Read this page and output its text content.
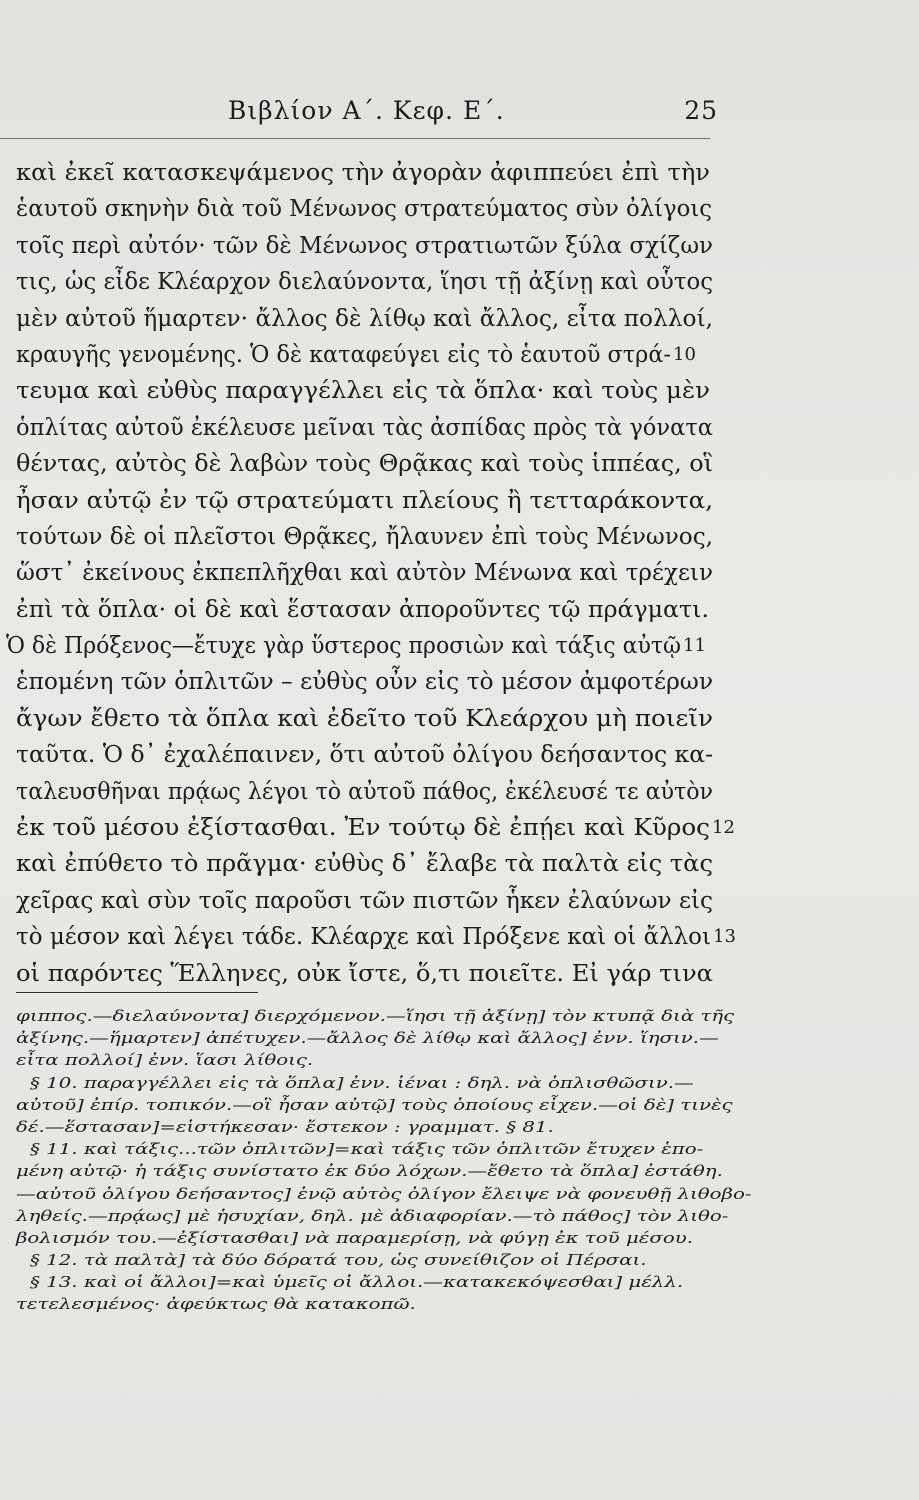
Βιβλίον Α΄. Κεφ. Ε΄.	25
καὶ ἐκεῖ κατασκεψάμενος τὴν ἀγορὰν ἀφιππεύει ἐπὶ τὴν
ἑαυτοῦ σκηνὴν διὰ τοῦ Μένωνος στρατεύματος σὺν ὀλίγοις
τοῖς περὶ αὐτόν· τῶν δὲ Μένωνος στρατιωτῶν ξύλα σχίζων
τις, ὡς εἶδε Κλέαρχον διελαύνοντα, ἵησι τῇ ἀξίνῃ καὶ οὗτος
μὲν αὐτοῦ ἥμαρτεν· ἄλλος δὲ λίθῳ καὶ ἄλλος, εἶτα πολλοί,
κραυγῆς γενομένης. Ὁ δὲ καταφεύγει εἰς τὸ ἑαυτοῦ στρά- 10
τευμα καὶ εὐθὺς παραγγέλλει εἰς τὰ ὅπλα· καὶ τοὺς μὲν
ὁπλίτας αὐτοῦ ἐκέλευσε μεῖναι τὰς ἀσπίδας πρὸς τὰ γόνατα
θέντας, αὐτὸς δὲ λαβὼν τοὺς Θρᾷκας καὶ τοὺς ἱππέας, οἳ
ἦσαν αὐτῷ ἐν τῷ στρατεύματι πλείους ἢ τετταράκοντα,
τούτων δὲ οἱ πλεῖστοι Θρᾷκες, ἤλαυνεν ἐπὶ τοὺς Μένωνος,
ὥστ᾽ ἐκείνους ἐκπεπλῆχθαι καὶ αὐτὸν Μένωνα καὶ τρέχειν
ἐπὶ τὰ ὅπλα· οἱ δὲ καὶ ἕστασαν ἀποροῦντες τῷ πράγματι.
Ὁ δὲ Πρόξενος—ἔτυχε γὰρ ὕστερος προσιὼν καὶ τάξις αὐτῷ 11
ἑπομένη τῶν ὁπλιτῶν – εὐθὺς οὖν εἰς τὸ μέσον ἀμφοτέρων
ἄγων ἔθετο τὰ ὅπλα καὶ ἐδεῖτο τοῦ Κλεάρχου μὴ ποιεῖν
ταῦτα. Ὁ δ᾽ ἐχαλέπαινεν, ὅτι αὐτοῦ ὀλίγου δεήσαντος κα-
ταλευσθῆναι πρᾴως λέγοι τὸ αὐτοῦ πάθος, ἐκέλευσέ τε αὐτὸν
ἐκ τοῦ μέσου ἐξίστασθαι. Ἐν τούτῳ δὲ ἐπῄει καὶ Κῦρος 12
καὶ ἐπύθετο τὸ πρᾶγμα· εὐθὺς δ᾽ ἔλαβε τὰ παλτὰ εἰς τὰς
χεῖρας καὶ σὺν τοῖς παροῦσι τῶν πιστῶν ἧκεν ἐλαύνων εἰς
τὸ μέσον καὶ λέγει τάδε. Κλέαρχε καὶ Πρόξενε καὶ οἱ ἄλλοι 13
οἱ παρόντες Ἕλληνες, οὐκ ἴστε, ὅ,τι ποιεῖτε. Εἰ γάρ τινα
φιππος.—διελαύνοντα] διερχόμενον.—ἵησι τῇ ἀξίνῃ] τὸν κτυπᾷ διὰ τῆς
ἀξίνης.—ἥμαρτεν] ἀπέτυχεν.—ἄλλος δὲ λίθῳ καὶ ἄλλος] ἐνν. ἵησιν.—
εἶτα πολλοί] ἐνν. ἵασι λίθοις.
§ 10. παραγγέλλει εἰς τὰ ὅπλα] ἐνν. ἰέναι : δηλ. νὰ ὁπλισθῶσιν.—
αὐτοῦ] ἐπίρ. τοπικόν.—οἳ ἦσαν αὐτῷ] τοὺς ὁποίους εἶχεν.—οἱ δὲ] τινὲς
δέ.—ἕστασαν]=εἱστήκεσαν· ἔστεκον : γραμματ. § 81.
§ 11. καὶ τάξις...τῶν ὁπλιτῶν]=καὶ τάξις τῶν ὁπλιτῶν ἔτυχεν ἑπο-
μένη αὐτῷ· ἡ τάξις συνίστατο ἐκ δύο λόχων.—ἔθετο τὰ ὅπλα] ἐστάθη.
—αὐτοῦ ὀλίγου δεήσαντος] ἐνῷ αὐτὸς ὀλίγον ἔλειψε νὰ φονευθῇ λιθοβο-
ληθείς.—πρᾴως] μὲ ἡσυχίαν, δηλ. μὲ ἀδιαφορίαν.—τὸ πάθος] τὸν λιθο-
βολισμόν του.—ἐξίστασθαι] νὰ παραμερίσῃ, νὰ φύγῃ ἐκ τοῦ μέσου.
§ 12. τὰ παλτὰ] τὰ δύο δόρατά του, ὡς συνείθιζον οἱ Πέρσαι.
§ 13. καὶ οἱ ἄλλοι]=καὶ ὑμεῖς οἱ ἄλλοι.—κατακεκόψεσθαι] μέλλ.
τετελεσμένος· ἀφεύκτως θὰ κατακοπῶ.
